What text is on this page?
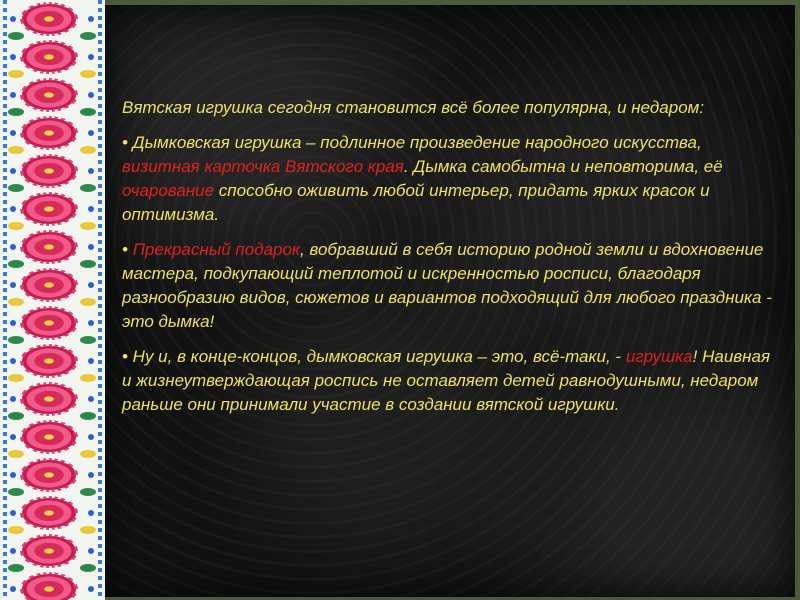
Вятская игрушка сегодня становится всё более популярна, и недаром:

• Дымковская игрушка – подлинное произведение народного искусства, визитная карточка Вятского края. Дымка самобытна и неповторима, её очарование способно оживить любой интерьер, придать ярких красок и оптимизма.

• Прекрасный подарок, вобравший в себя историю родной земли и вдохновение мастера, подкупающий теплотой и искренностью росписи, благодаря разнообразию видов, сюжетов и вариантов подходящий для любого праздника - это дымка!

• Ну и, в конце-концов, дымковская игрушка – это, всё-таки, - игрушка! Наивная и жизнеутверждающая роспись не оставляет детей равнодушными, недаром раньше они принимали участие в создании вятской игрушки.
